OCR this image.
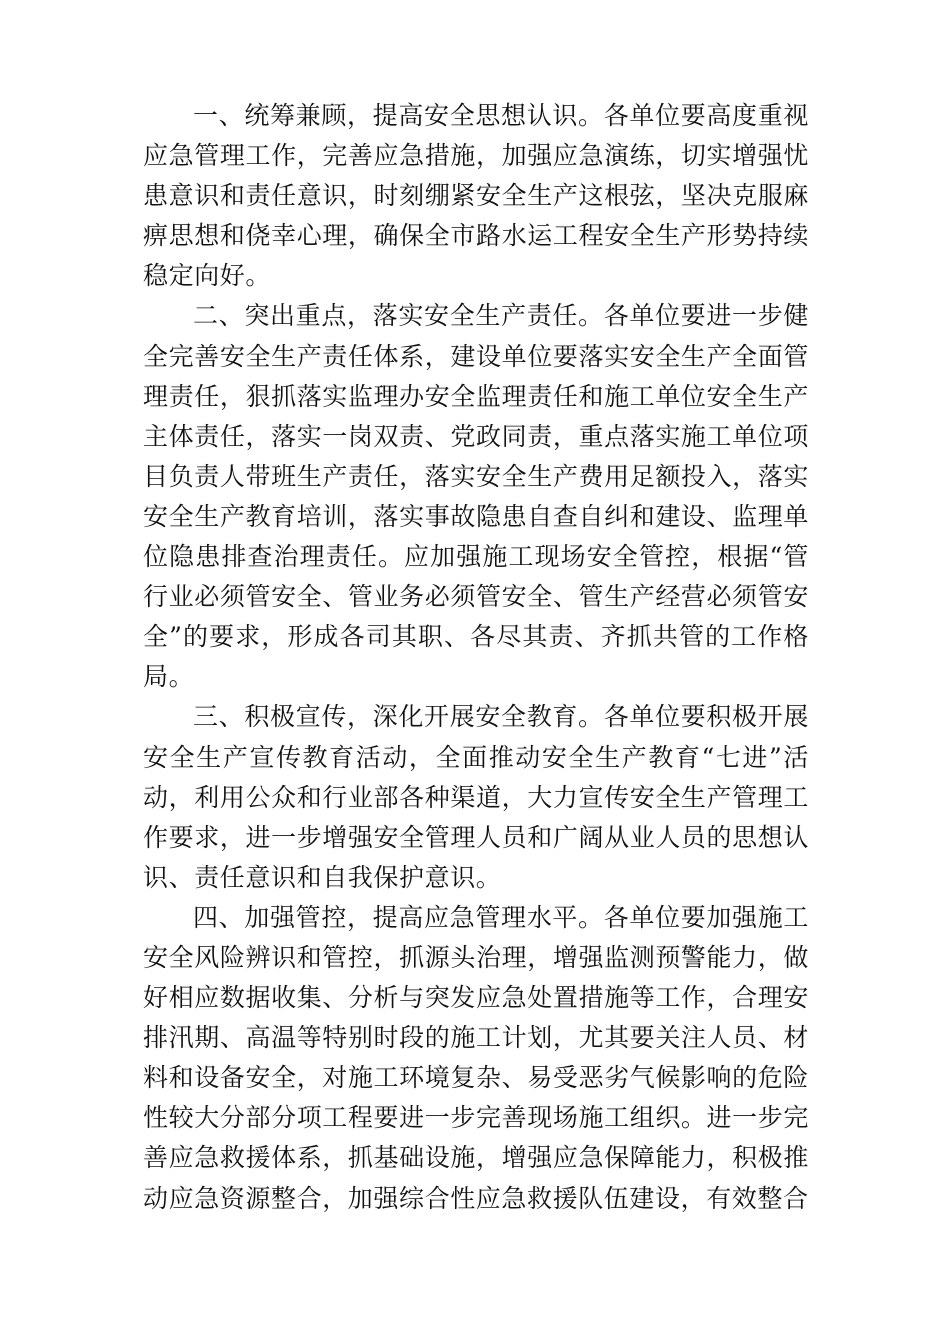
一、统筹兼顾，提高安全思想认识。各单位要高度重视应急管理工作，完善应急措施，加强应急演练，切实增强忧患意识和责任意识，时刻绷紧安全生产这根弦，坚决克服麻痹思想和侥幸心理，确保全市路水运工程安全生产形势持续稳定向好。

二、突出重点，落实安全生产责任。各单位要进一步健全完善安全生产责任体系，建设单位要落实安全生产全面管理责任，狠抓落实监理办安全监理责任和施工单位安全生产主体责任，落实一岗双责、党政同责，重点落实施工单位项目负责人带班生产责任，落实安全生产费用足额投入，落实安全生产教育培训，落实事故隐患自查自纠和建设、监理单位隐患排查治理责任。应加强施工现场安全管控，根据“管行业必须管安全、管业务必须管安全、管生产经营必须管安全”的要求，形成各司其职、各尽其责、齐抓共管的工作格局。

三、积极宣传，深化开展安全教育。各单位要积极开展安全生产宣传教育活动，全面推动安全生产教育“七进”活动，利用公众和行业部各种渠道，大力宣传安全生产管理工作要求，进一步增强安全管理人员和广阔从业人员的思想认识、责任意识和自我保护意识。

四、加强管控，提高应急管理水平。各单位要加强施工安全风险辨识和管控，抓源头治理，增强监测预警能力，做好相应数据收集、分析与突发应急处置措施等工作，合理安排汛期、高温等特别时段的施工计划，尤其要关注人员、材料和设备安全，对施工环境复杂、易受恶劣气候影响的危险性较大分部分项工程要进一步完善现场施工组织。进一步完善应急救援体系，抓基础设施，增强应急保障能力，积极推动应急资源整合，加强综合性应急救援队伍建设，有效整合
